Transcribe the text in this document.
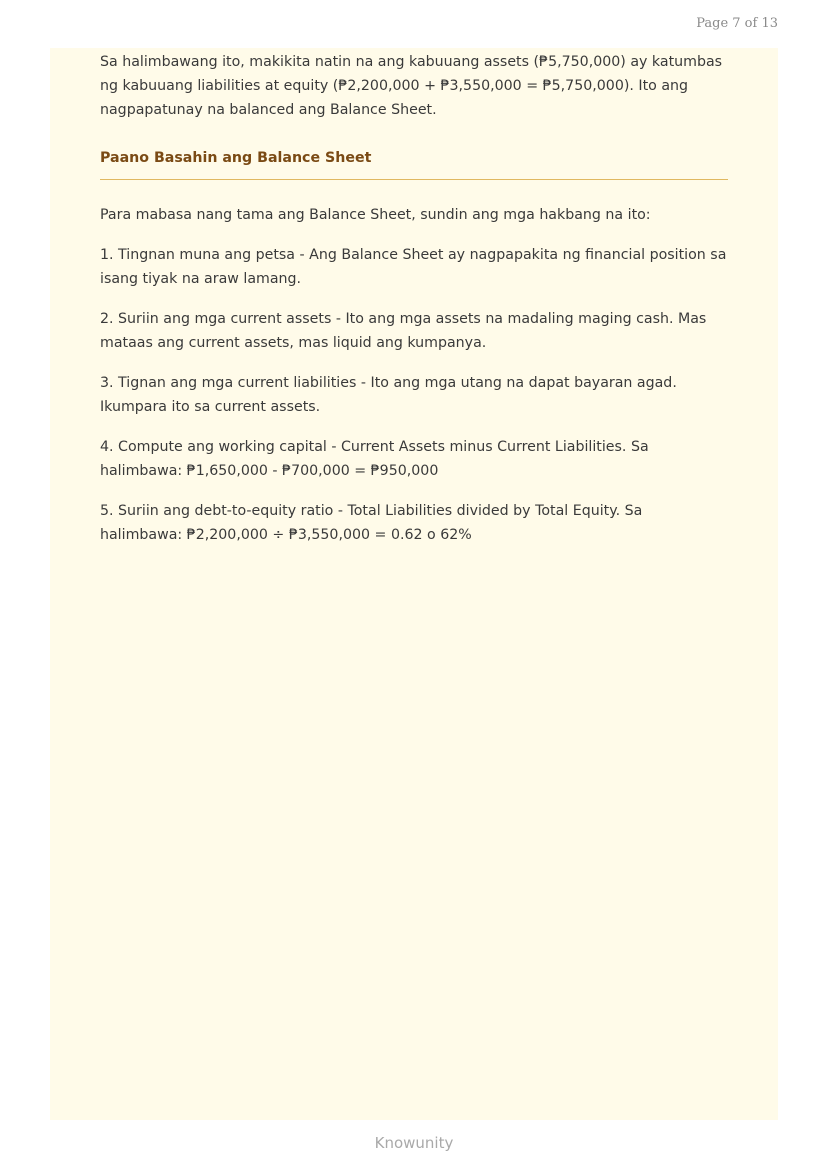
Page 7 of 13

Sa halimbawang ito, makikita natin na ang kabuuang assets (₱5,750,000) ay katumbas ng kabuuang liabilities at equity (₱2,200,000 + ₱3,550,000 = ₱5,750,000). Ito ang nagpapatunay na balanced ang Balance Sheet.

Paano Basahin ang Balance Sheet

Para mabasa nang tama ang Balance Sheet, sundin ang mga hakbang na ito:

1. Tingnan muna ang petsa - Ang Balance Sheet ay nagpapakita ng financial position sa isang tiyak na araw lamang.

2. Suriin ang mga current assets - Ito ang mga assets na madaling maging cash. Mas mataas ang current assets, mas liquid ang kumpanya.

3. Tignan ang mga current liabilities - Ito ang mga utang na dapat bayaran agad. Ikumpara ito sa current assets.

4. Compute ang working capital - Current Assets minus Current Liabilities. Sa halimbawa: ₱1,650,000 - ₱700,000 = ₱950,000

5. Suriin ang debt-to-equity ratio - Total Liabilities divided by Total Equity. Sa halimbawa: ₱2,200,000 ÷ ₱3,550,000 = 0.62 o 62%

Knowunity
